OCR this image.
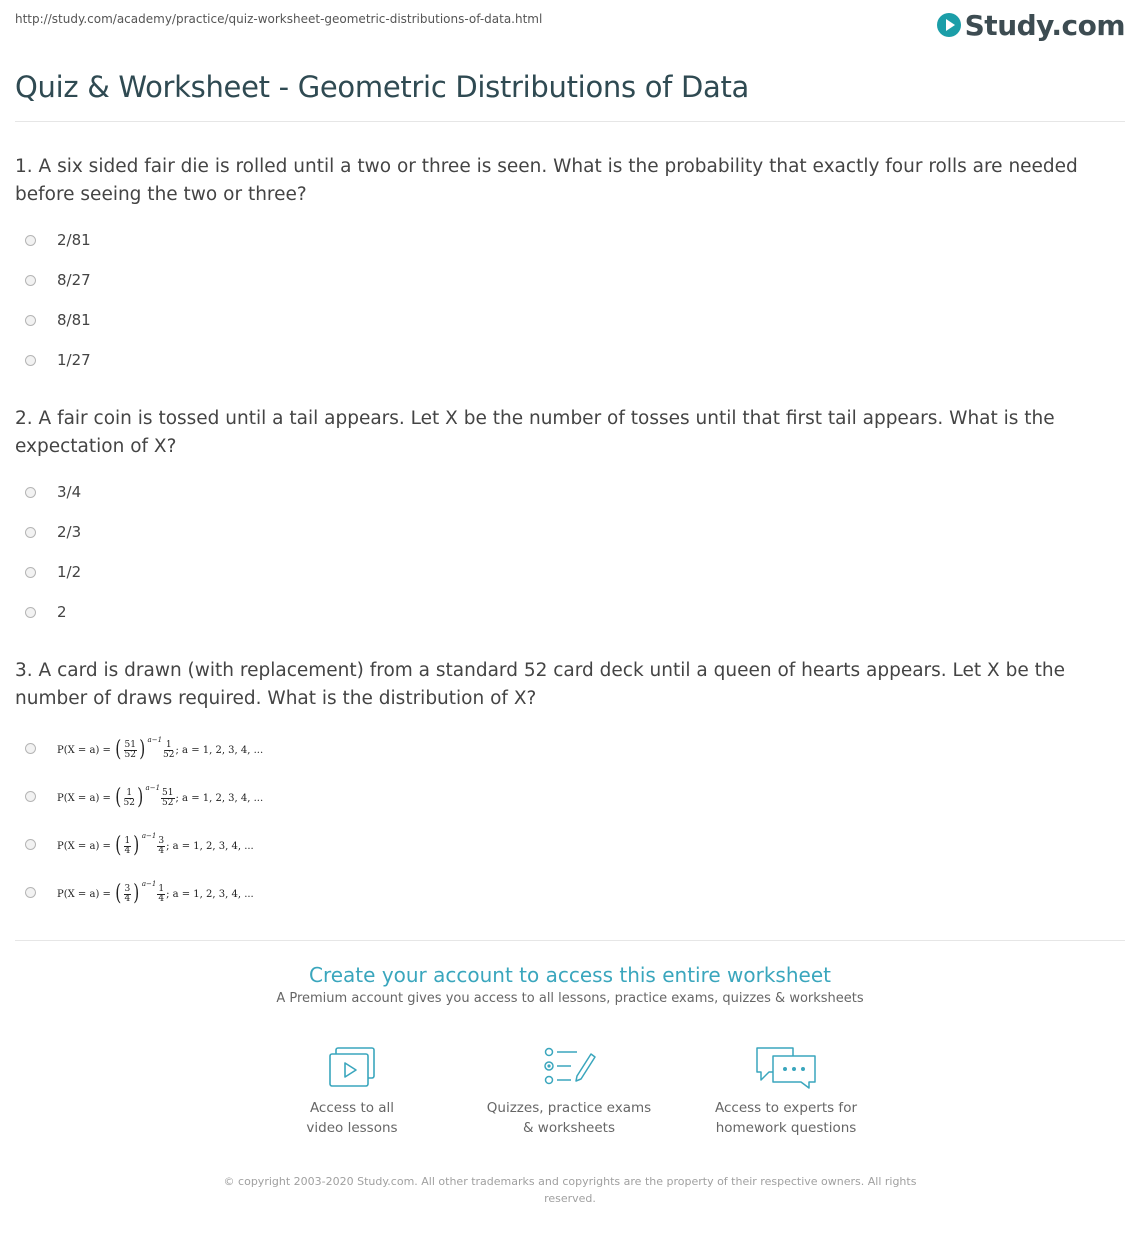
http://study.com/academy/practice/quiz-worksheet-geometric-distributions-of-data.html	Study.com
Quiz & Worksheet - Geometric Distributions of Data
1. A six sided fair die is rolled until a two or three is seen. What is the probability that exactly four rolls are needed before seeing the two or three?
2/81
8/27
8/81
1/27
2. A fair coin is tossed until a tail appears. Let X be the number of tosses until that first tail appears. What is the expectation of X?
3/4
2/3
1/2
2
3. A card is drawn (with replacement) from a standard 52 card deck until a queen of hearts appears. Let X be the number of draws required. What is the distribution of X?
P(X = a) = ( $\frac{51}{52}$ ) a−1
$\frac{1}{52}$ ; a = 1, 2, 3, 4, ...
P(X = a) = ( $\frac{1}{52}$ ) a−1
$\frac{51}{52}$ ; a = 1, 2, 3, 4, ...
P(X = a) = ( $\frac{1}{4}$ ) a−1
$\frac{3}{4}$ ; a = 1, 2, 3, 4, ...
P(X = a) = ( $\frac{3}{4}$ ) a−1
$\frac{1}{4}$ ; a = 1, 2, 3, 4, ...
Create your account to access this entire worksheet
A Premium account gives you access to all lessons, practice exams, quizzes & worksheets
Access to all
video lessons
Quizzes, practice exams
& worksheets
Access to experts for
homework questions
© copyright 2003-2020 Study.com. All other trademarks and copyrights are the property of their respective owners. All rights reserved.
